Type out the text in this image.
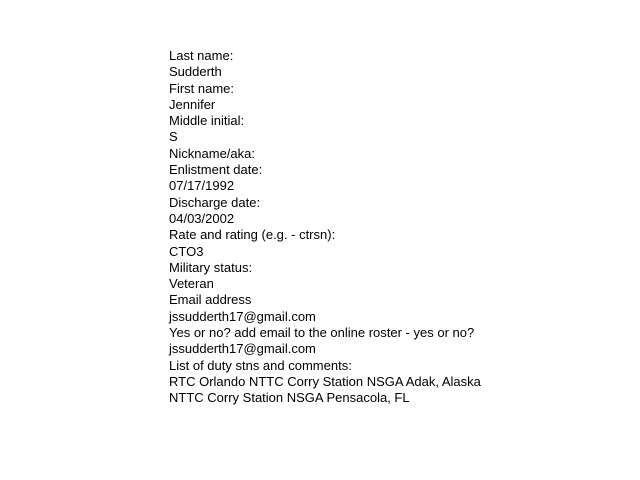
Last name:
Sudderth
First name:
Jennifer
Middle initial:
S
Nickname/aka:
Enlistment date:
07/17/1992
Discharge date:
04/03/2002
Rate and rating (e.g. - ctrsn):
CTO3
Military status:
Veteran
Email address
jssudderth17@gmail.com
Yes or no? add email to the online roster - yes or no?
jssudderth17@gmail.com
List of duty stns and comments:
RTC Orlando NTTC Corry Station NSGA Adak, Alaska
NTTC Corry Station NSGA Pensacola, FL
